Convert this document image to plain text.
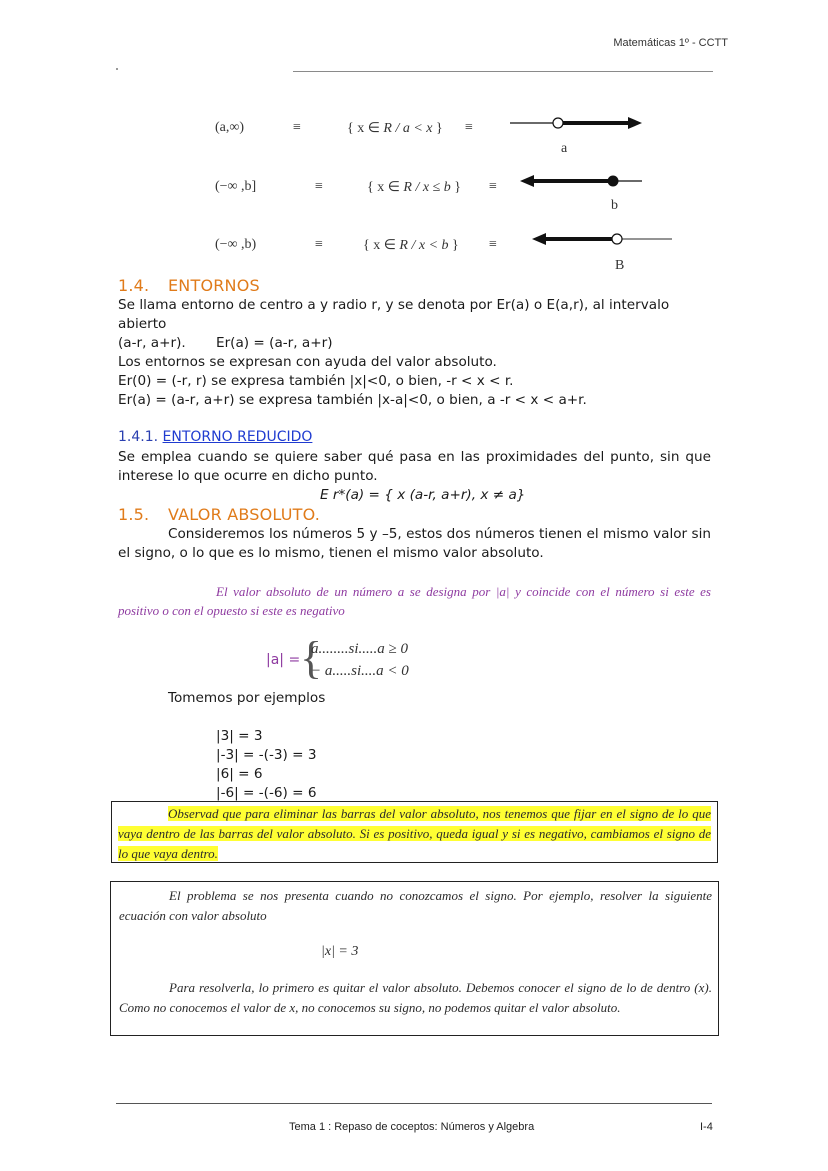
Matemáticas 1º - CCTT
(a,∞)	≡	{ x ∈ R / a < x } ≡
a
(−∞ ,b]	≡	{ x ∈ R / x ≤ b } ≡
b
(−∞ ,b)	≡	{ x ∈ R / x < b } ≡
B
1.4. ENTORNOS
Se llama entorno de centro a y radio r, y se denota por Er(a) o E(a,r), al intervalo abierto
(a-r, a+r).	Er(a) = (a-r, a+r)
Los entornos se expresan con ayuda del valor absoluto.
Er(0) = (-r, r) se expresa también |x|<0, o bien, -r < x < r.
Er(a) = (a-r, a+r) se expresa también |x-a|<0, o bien, a -r < x < a+r.
1.4.1. ENTORNO REDUCIDO
Se emplea cuando se quiere saber qué pasa en las proximidades del punto, sin que interese lo que ocurre en dicho punto.
E r*(a) = { x (a-r, a+r), x ≠ a}
1.5. VALOR ABSOLUTO.
Consideremos los números 5 y –5, estos dos números tienen el mismo valor sin el signo, o lo que es lo mismo, tienen el mismo valor absoluto.
El valor absoluto de un número a se designa por |a| y coincide con el número si este es positivo o con el opuesto si este es negativo
|a| = {
a........si.....a ≥ 0
− a.....si....a < 0
Tomemos por ejemplos
|3| = 3
|-3| = -(-3) = 3
|6| = 6
|-6| = -(-6) = 6
Observad que para eliminar las barras del valor absoluto, nos tenemos que fijar en el signo de lo que vaya dentro de las barras del valor absoluto. Si es positivo, queda igual y si es negativo, cambiamos el signo de lo que vaya dentro.
El problema se nos presenta cuando no conozcamos el signo. Por ejemplo, resolver la siguiente ecuación con valor absoluto
|x| = 3
Para resolverla, lo primero es quitar el valor absoluto. Debemos conocer el signo de lo de dentro (x). Como no conocemos el valor de x, no conocemos su signo, no podemos quitar el valor absoluto.
Tema 1 : Repaso de coceptos: Números y Algebra	I-4
